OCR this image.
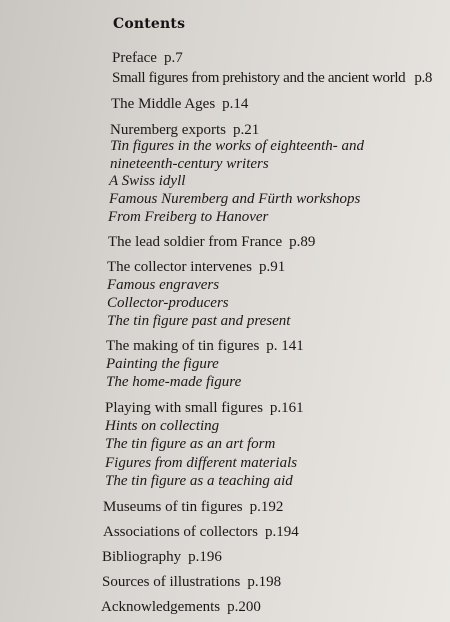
Contents
Preface p.7
Small figures from prehistory and the ancient world p.8
The Middle Ages p.14
Nuremberg exports p.21
Tin figures in the works of eighteenth- and
nineteenth-century writers
A Swiss idyll
Famous Nuremberg and Fürth workshops
From Freiberg to Hanover
The lead soldier from France p.89
The collector intervenes p.91
Famous engravers
Collector-producers
The tin figure past and present
The making of tin figures p. 141
Painting the figure
The home-made figure
Playing with small figures p.161
Hints on collecting
The tin figure as an art form
Figures from different materials
The tin figure as a teaching aid
Museums of tin figures p.192
Associations of collectors p.194
Bibliography p.196
Sources of illustrations p.198
Acknowledgements p.200
